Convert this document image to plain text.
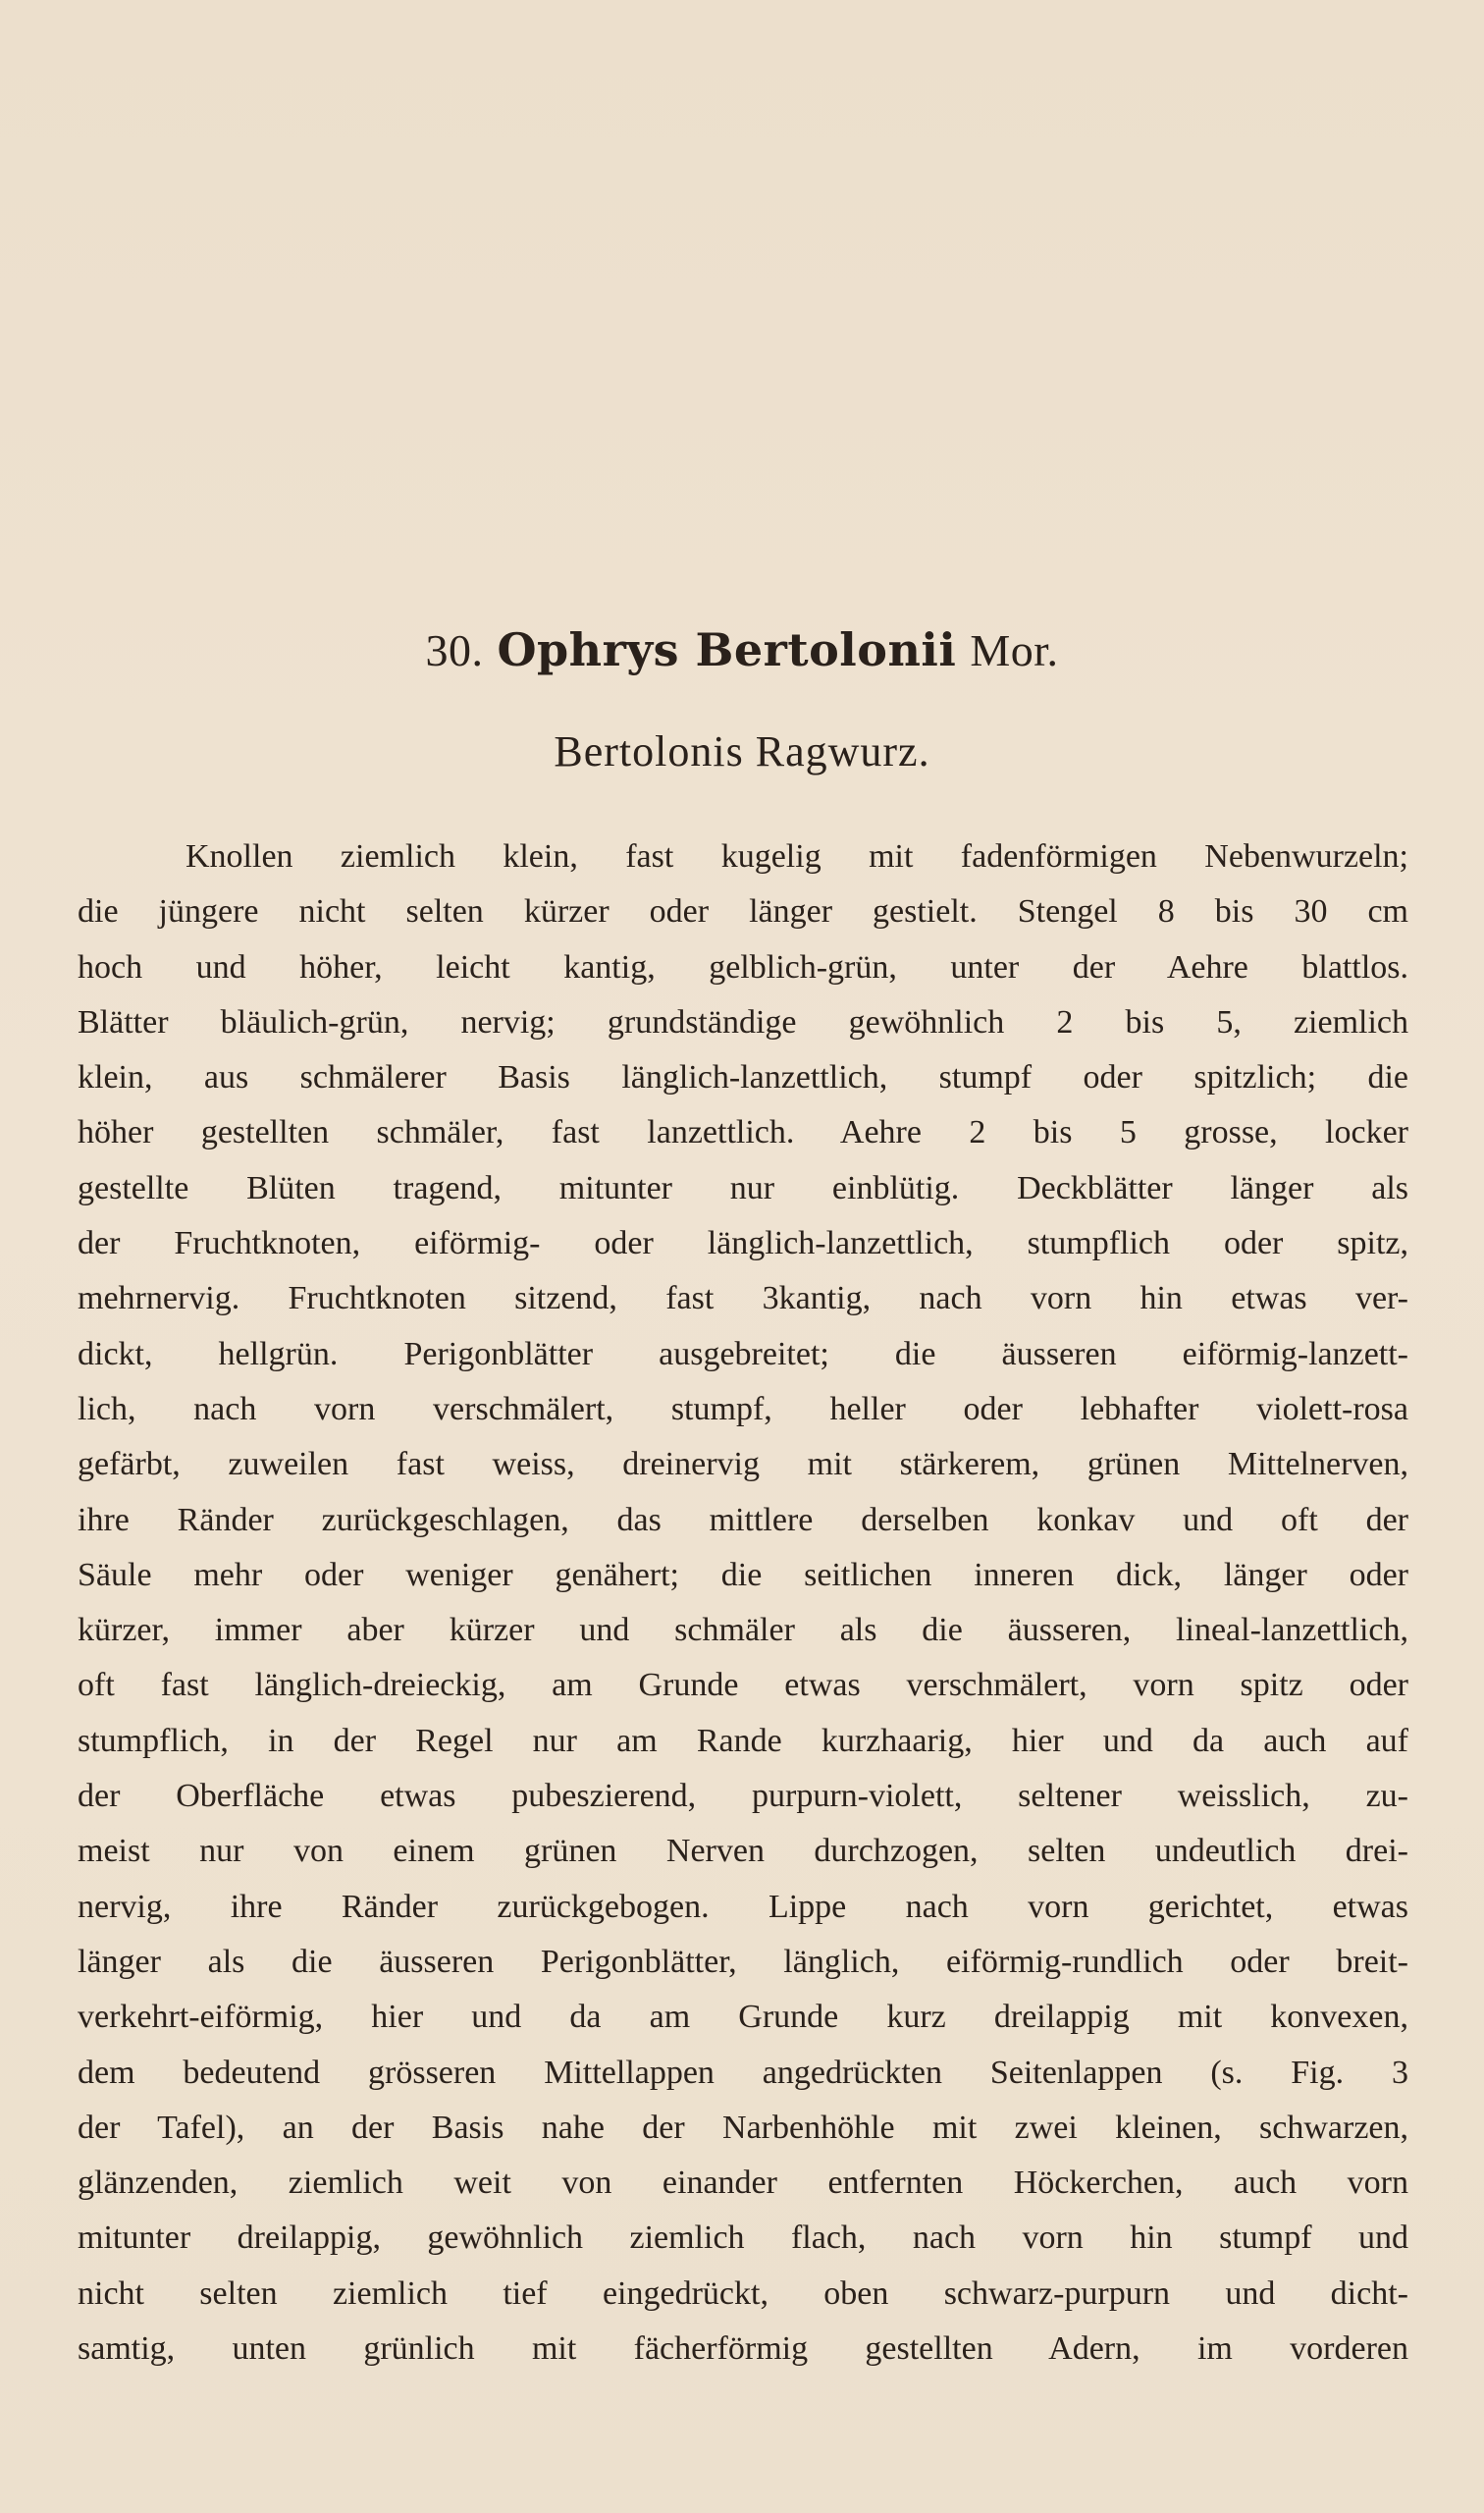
30. Ophrys Bertolonii Mor.
Bertolonis Ragwurz.
Knollen ziemlich klein, fast kugelig mit fadenförmigen Nebenwurzeln;
die jüngere nicht selten kürzer oder länger gestielt. Stengel 8 bis 30 cm
hoch und höher, leicht kantig, gelblich-grün, unter der Aehre blattlos.
Blätter bläulich-grün, nervig; grundständige gewöhnlich 2 bis 5, ziemlich
klein, aus schmälerer Basis länglich-lanzettlich, stumpf oder spitzlich; die
höher gestellten schmäler, fast lanzettlich. Aehre 2 bis 5 grosse, locker
gestellte Blüten tragend, mitunter nur einblütig. Deckblätter länger als
der Fruchtknoten, eiförmig- oder länglich-lanzettlich, stumpflich oder spitz,
mehrnervig. Fruchtknoten sitzend, fast 3kantig, nach vorn hin etwas ver-
dickt, hellgrün. Perigonblätter ausgebreitet; die äusseren eiförmig-lanzett-
lich, nach vorn verschmälert, stumpf, heller oder lebhafter violett-rosa
gefärbt, zuweilen fast weiss, dreinervig mit stärkerem, grünen Mittelnerven,
ihre Ränder zurückgeschlagen, das mittlere derselben konkav und oft der
Säule mehr oder weniger genähert; die seitlichen inneren dick, länger oder
kürzer, immer aber kürzer und schmäler als die äusseren, lineal-lanzettlich,
oft fast länglich-dreieckig, am Grunde etwas verschmälert, vorn spitz oder
stumpflich, in der Regel nur am Rande kurzhaarig, hier und da auch auf
der Oberfläche etwas pubeszierend, purpurn-violett, seltener weisslich, zu-
meist nur von einem grünen Nerven durchzogen, selten undeutlich drei-
nervig, ihre Ränder zurückgebogen. Lippe nach vorn gerichtet, etwas
länger als die äusseren Perigonblätter, länglich, eiförmig-rundlich oder breit-
verkehrt-eiförmig, hier und da am Grunde kurz dreilappig mit konvexen,
dem bedeutend grösseren Mittellappen angedrückten Seitenlappen (s. Fig. 3
der Tafel), an der Basis nahe der Narbenhöhle mit zwei kleinen, schwarzen,
glänzenden, ziemlich weit von einander entfernten Höckerchen, auch vorn
mitunter dreilappig, gewöhnlich ziemlich flach, nach vorn hin stumpf und
nicht selten ziemlich tief eingedrückt, oben schwarz-purpurn und dicht-
samtig, unten grünlich mit fächerförmig gestellten Adern, im vorderen
